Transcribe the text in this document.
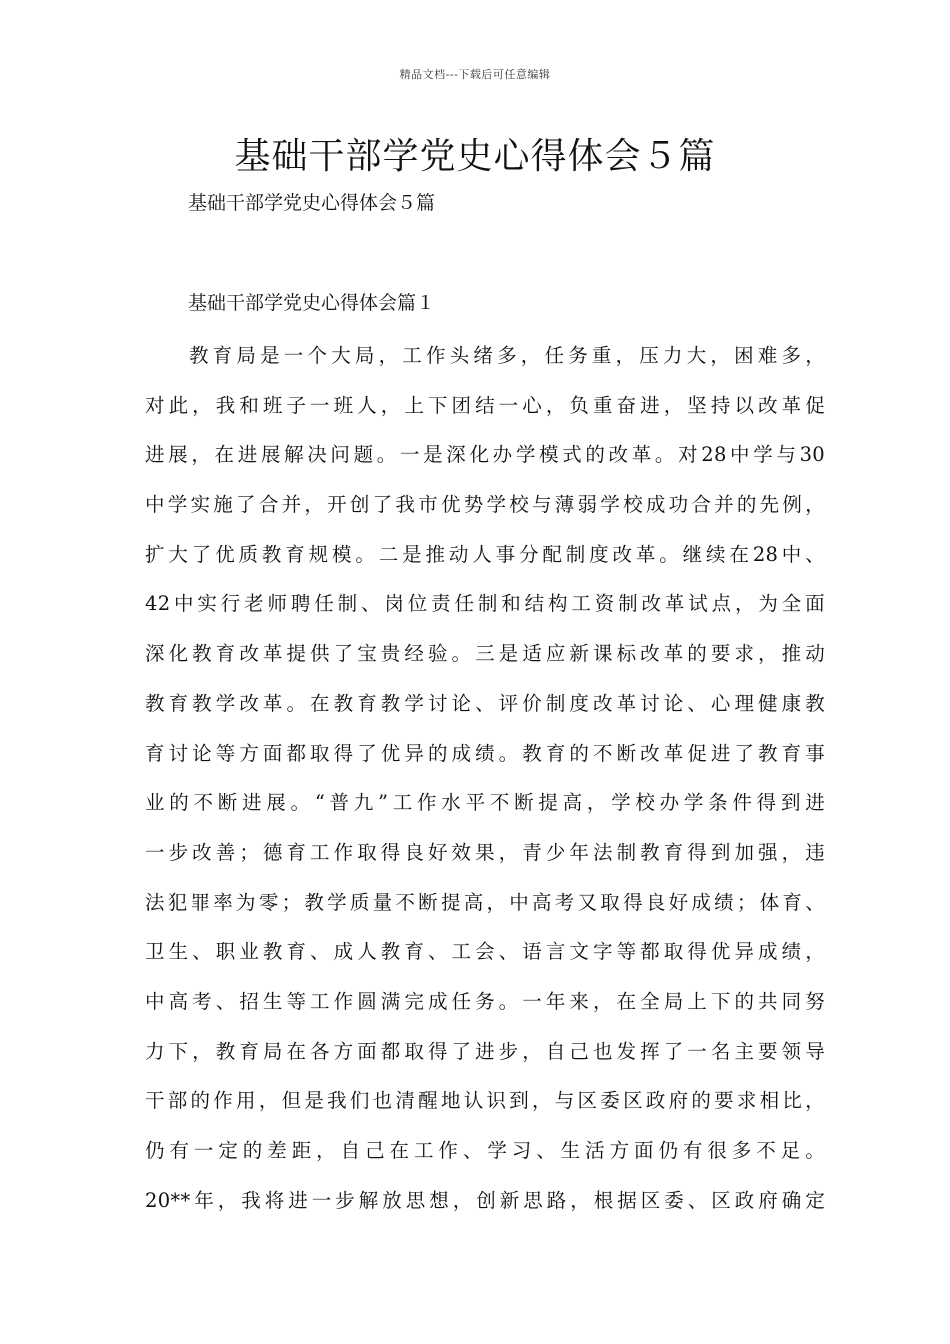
精品文档---下载后可任意编辑
基础干部学党史心得体会５篇

基础干部学党史心得体会５篇

基础干部学党史心得体会篇１

教育局是一个大局，工作头绪多，任务重，压力大，困难多，
对此，我和班子一班人，上下团结一心，负重奋进，坚持以改革促
进展，在进展解决问题。一是深化办学模式的改革。对28中学与30
中学实施了合并，开创了我市优势学校与薄弱学校成功合并的先例，
扩大了优质教育规模。二是推动人事分配制度改革。继续在28中、
42中实行老师聘任制、岗位责任制和结构工资制改革试点，为全面
深化教育改革提供了宝贵经验。三是适应新课标改革的要求，推动
教育教学改革。在教育教学讨论、评价制度改革讨论、心理健康教
育讨论等方面都取得了优异的成绩。教育的不断改革促进了教育事
业的不断进展。“普九”工作水平不断提高，学校办学条件得到进
一步改善；德育工作取得良好效果，青少年法制教育得到加强，违
法犯罪率为零；教学质量不断提高，中高考又取得良好成绩；体育、
卫生、职业教育、成人教育、工会、语言文字等都取得优异成绩，
中高考、招生等工作圆满完成任务。一年来，在全局上下的共同努
力下，教育局在各方面都取得了进步，自己也发挥了一名主要领导
干部的作用，但是我们也清醒地认识到，与区委区政府的要求相比，
仍有一定的差距，自己在工作、学习、生活方面仍有很多不足。
20**年，我将进一步解放思想，创新思路，根据区委、区政府确定
